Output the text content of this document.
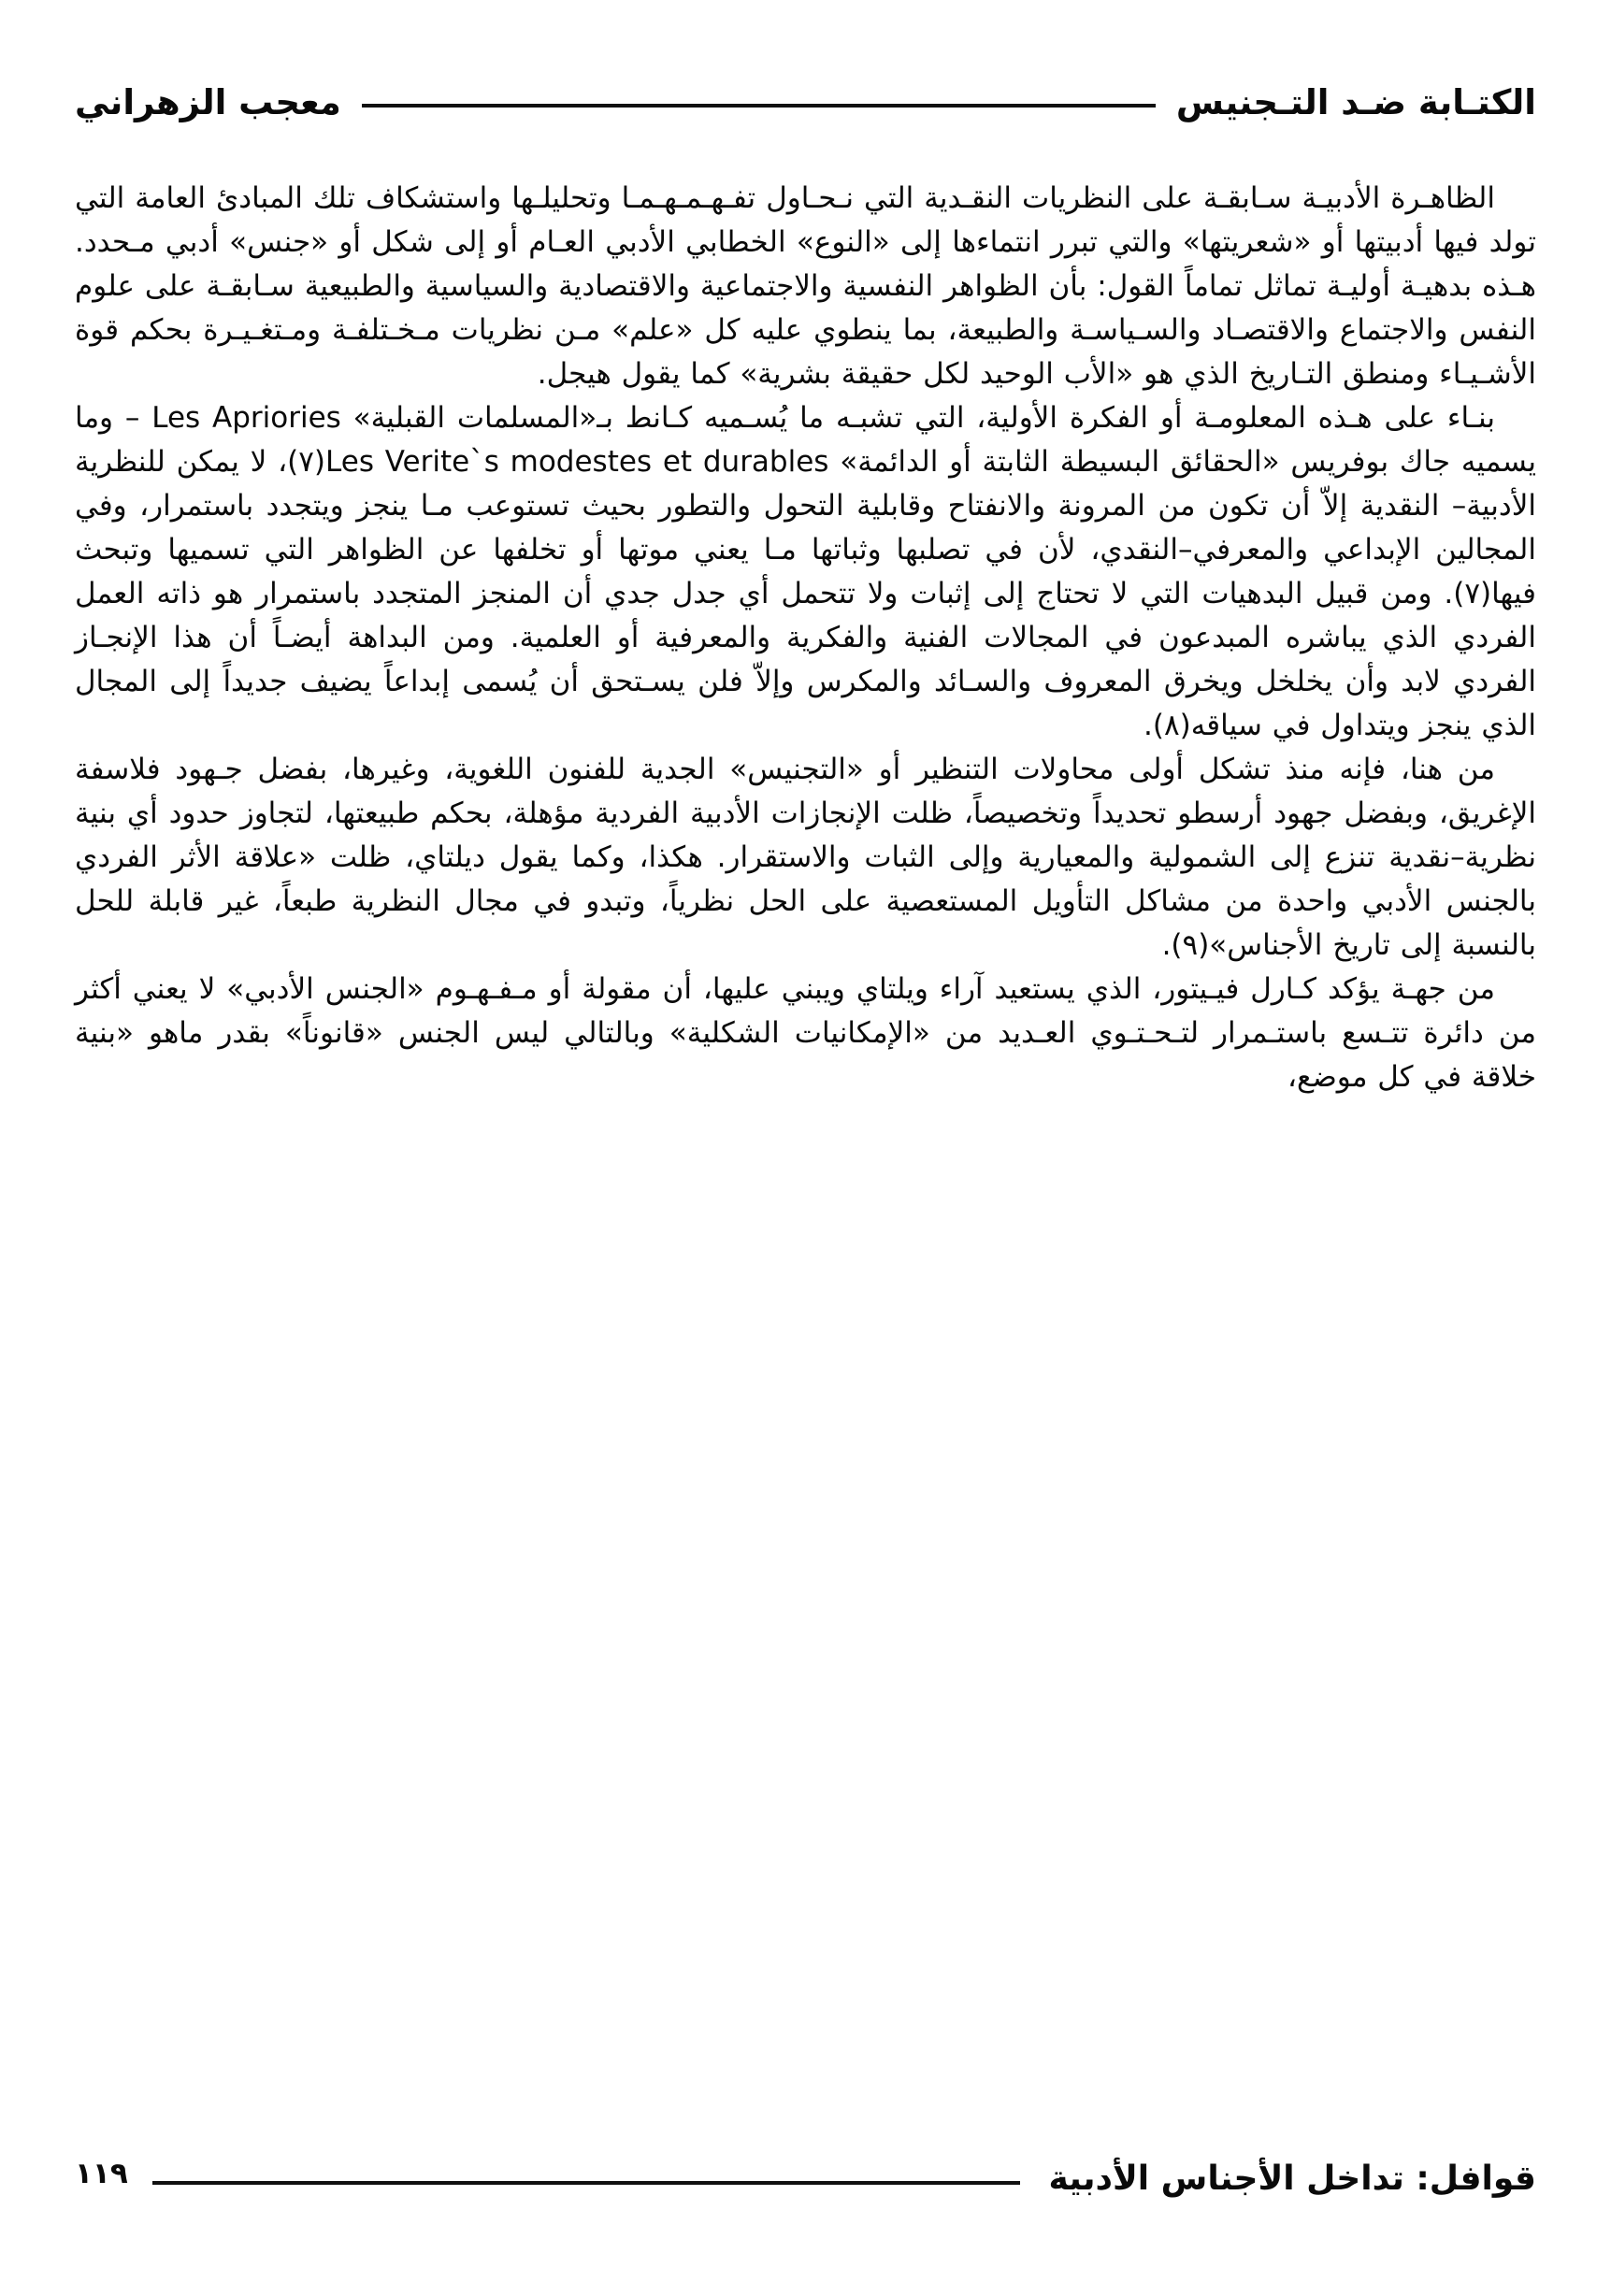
الكتـابة ضـد التـجنيس
معجب الزهراني

الظاهـرة الأدبيـة سـابقـة على النظريات النقـدية التي نـحـاول تفـهـمـهـمـا وتحليلـها واستشكاف تلك المبادئ العامة التي تولد فيها أدبيتها أو «شعريتها» والتي تبرر انتماءها إلى «النوع» الخطابي الأدبي العـام أو إلى شكل أو «جنس» أدبي مـحدد. هـذه بدهيـة أوليـة تماثل تماماً القول: بأن الظواهر النفسية والاجتماعية والاقتصادية والسياسية والطبيعية سـابقـة على علوم النفس والاجتماع والاقتصـاد والسـياسـة والطبيعة، بما ينطوي عليه كل «علم» مـن نظريات مـخـتلفـة ومـتغـيـرة بحكم قوة الأشـيـاء ومنطق التـاريخ الذي هو «الأب الوحيد لكل حقيقة بشرية» كما يقول هيجل.

بنـاء على هـذه المعلومـة أو الفكرة الأولية، التي تشبـه ما يُسـميه كـانط بـ«المسلمات القبلية» Les Apriories – وما يسميه جاك بوفريس «الحقائق البسيطة الثابتة أو الدائمة» ‏Les Verite`s modestes et durables(٧)، لا يمكن للنظرية الأدبية– النقدية إلاّ أن تكون من المرونة والانفتاح وقابلية التحول والتطور بحيث تستوعب مـا ينجز ويتجدد باستمرار، وفي المجالين الإبداعي والمعرفي–النقدي، لأن في تصلبها وثباتها مـا يعني موتها أو تخلفها عن الظواهر التي تسميها وتبحث فيها(٧). ومن قبيل البدهيات التي لا تحتاج إلى إثبات ولا تتحمل أي جدل جدي أن المنجز المتجدد باستمرار هو ذاته العمل الفردي الذي يباشره المبدعون في المجالات الفنية والفكرية والمعرفية أو العلمية. ومن البداهة أيضـاً أن هذا الإنجـاز الفردي لابد وأن يخلخل ويخرق المعروف والسـائد والمكرس وإلاّ فلن يسـتحق أن يُسمى إبداعاً يضيف جديداً إلى المجال الذي ينجز ويتداول في سياقه(٨).

من هنا، فإنه منذ تشكل أولى محاولات التنظير أو «التجنيس» الجدية للفنون اللغوية، وغيرها، بفضل جـهود فلاسفة الإغريق، وبفضل جهود أرسطو تحديداً وتخصيصاً، ظلت الإنجازات الأدبية الفردية مؤهلة، بحكم طبيعتها، لتجاوز حدود أي بنية نظرية–نقدية تنزع إلى الشمولية والمعيارية وإلى الثبات والاستقرار. هكذا، وكما يقول ديلتاي، ظلت «علاقة الأثر الفردي بالجنس الأدبي واحدة من مشاكل التأويل المستعصية على الحل نظرياً، وتبدو في مجال النظرية طبعاً، غير قابلة للحل بالنسبة إلى تاريخ الأجناس»(٩).

من جهـة يؤكد كـارل فيـيتور، الذي يستعيد آراء ويلتاي ويبني عليها، أن مقولة أو مـفـهـوم «الجنس الأدبي» لا يعني أكثر من دائرة تتـسع باستـمرار لتـحـتـوي العـديد من «الإمكانيات الشكلية» وبالتالي ليس الجنس «قانوناً» بقدر ماهو «بنية خلاقة في كل موضع،

قوافل: تداخل الأجناس الأدبية
١١٩
